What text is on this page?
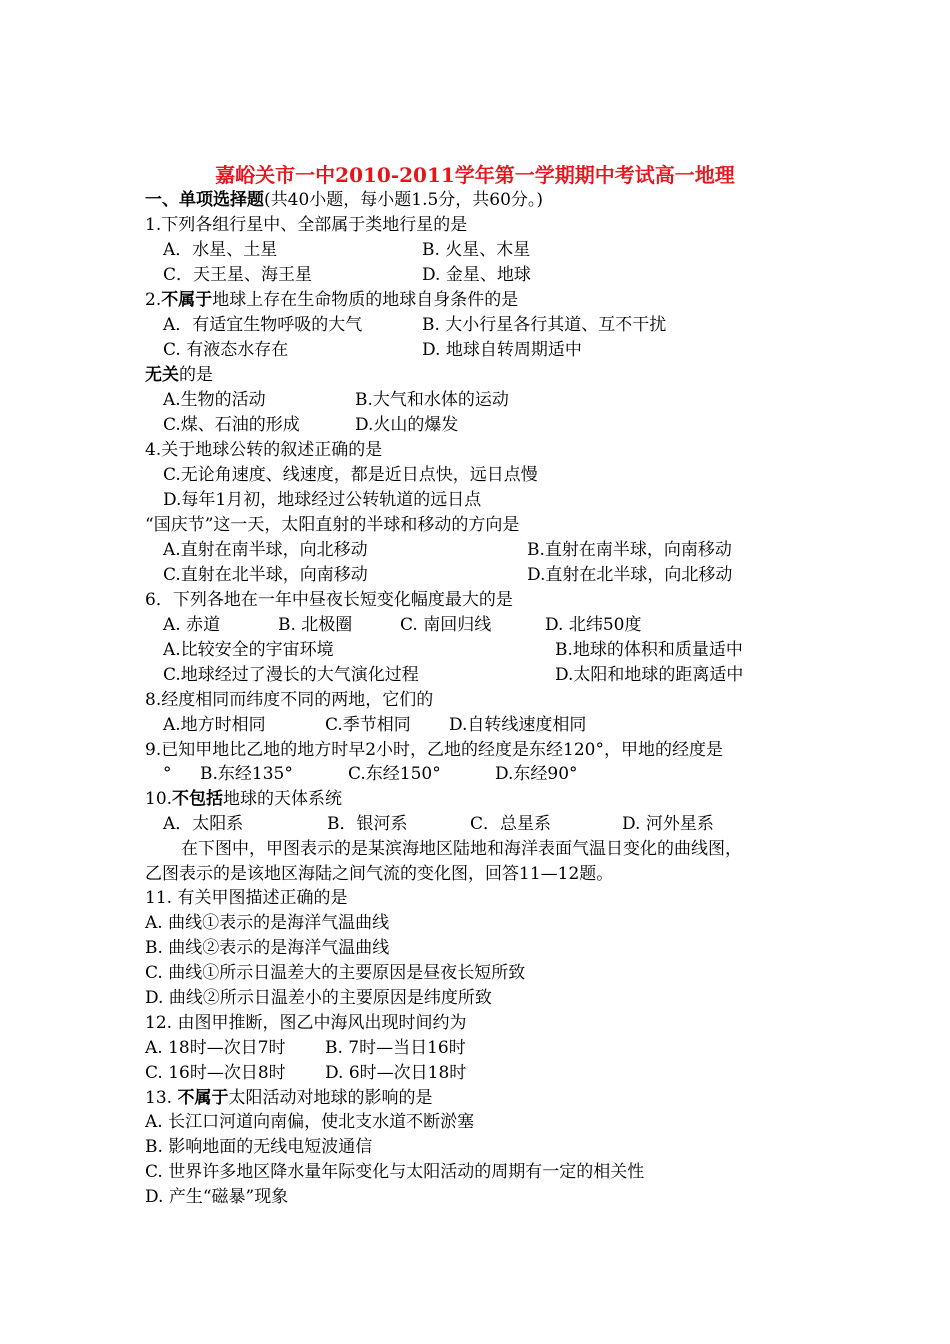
嘉峪关市一中2010-2011学年第一学期期中考试高一地理
一、单项选择题(共40小题，每小题1.5分，共60分。)
1.下列各组行星中、全部属于类地行星的是
A．水星、土星	B. 火星、木星
C．天王星、海王星	D. 金星、地球
2.不属于地球上存在生命物质的地球自身条件的是
A．有适宜生物呼吸的大气	B. 大小行星各行其道、互不干扰
C. 有液态水存在	D. 地球自转周期适中
无关的是
A.生物的活动	B.大气和水体的运动
C.煤、石油的形成	D.火山的爆发
4.关于地球公转的叙述正确的是
C.无论角速度、线速度，都是近日点快，远日点慢
D.每年1月初，地球经过公转轨道的远日点
“国庆节”这一天，太阳直射的半球和移动的方向是
A.直射在南半球，向北移动	B.直射在南半球，向南移动
C.直射在北半球，向南移动	D.直射在北半球，向北移动
6．下列各地在一年中昼夜长短变化幅度最大的是
A. 赤道	B. 北极圈	C. 南回归线	D. 北纬50度
A.比较安全的宇宙环境	B.地球的体积和质量适中
C.地球经过了漫长的大气演化过程	D.太阳和地球的距离适中
8.经度相同而纬度不同的两地，它们的
A.地方时相同	C.季节相同 D.自转线速度相同
9.已知甲地比乙地的地方时早2小时，乙地的经度是东经120°，甲地的经度是
° B.东经135°	C.东经150°	D.东经90°
10.不包括地球的天体系统
A．太阳系	B．银河系	C．总星系	D. 河外星系
在下图中，甲图表示的是某滨海地区陆地和海洋表面气温日变化的曲线图，
乙图表示的是该地区海陆之间气流的变化图，回答11—12题。
11. 有关甲图描述正确的是
A. 曲线①表示的是海洋气温曲线
B. 曲线②表示的是海洋气温曲线
C. 曲线①所示日温差大的主要原因是昼夜长短所致
D. 曲线②所示日温差小的主要原因是纬度所致
12. 由图甲推断，图乙中海风出现时间约为
A. 18时—次日7时 B. 7时—当日16时
C. 16时—次日8时 D. 6时—次日18时
13. 不属于太阳活动对地球的影响的是
A. 长江口河道向南偏，使北支水道不断淤塞
B. 影响地面的无线电短波通信
C. 世界许多地区降水量年际变化与太阳活动的周期有一定的相关性
D. 产生“磁暴”现象
